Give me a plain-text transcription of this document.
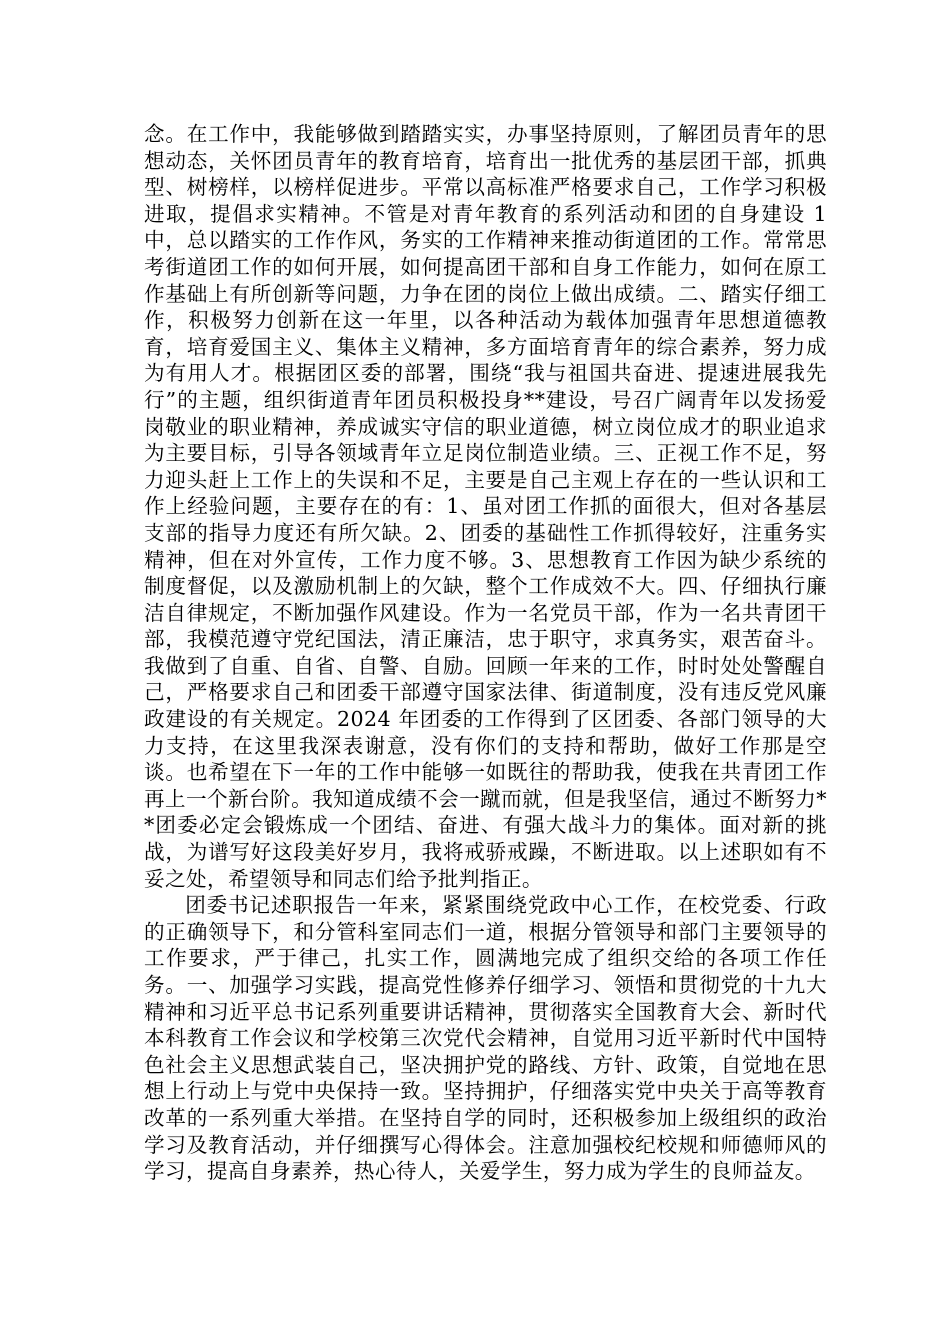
念。在工作中，我能够做到踏踏实实，办事坚持原则，了解团员青年的思想动态，关怀团员青年的教育培育，培育出一批优秀的基层团干部，抓典型、树榜样，以榜样促进步。平常以高标准严格要求自己，工作学习积极进取，提倡求实精神。不管是对青年教育的系列活动和团的自身建设 1 中，总以踏实的工作作风，务实的工作精神来推动街道团的工作。常常思考街道团工作的如何开展，如何提高团干部和自身工作能力，如何在原工作基础上有所创新等问题，力争在团的岗位上做出成绩。二、踏实仔细工作，积极努力创新在这一年里，以各种活动为载体加强青年思想道德教育，培育爱国主义、集体主义精神，多方面培育青年的综合素养，努力成为有用人才。根据团区委的部署，围绕“我与祖国共奋进、提速进展我先行”的主题，组织街道青年团员积极投身**建设，号召广阔青年以发扬爱岗敬业的职业精神，养成诚实守信的职业道德，树立岗位成才的职业追求为主要目标，引导各领域青年立足岗位制造业绩。三、正视工作不足，努力迎头赶上工作上的失误和不足，主要是自己主观上存在的一些认识和工作上经验问题，主要存在的有：1、虽对团工作抓的面很大，但对各基层支部的指导力度还有所欠缺。2、团委的基础性工作抓得较好，注重务实精神，但在对外宣传，工作力度不够。3、思想教育工作因为缺少系统的制度督促，以及激励机制上的欠缺，整个工作成效不大。四、仔细执行廉洁自律规定，不断加强作风建设。作为一名党员干部，作为一名共青团干部，我模范遵守党纪国法，清正廉洁，忠于职守，求真务实，艰苦奋斗。我做到了自重、自省、自警、自励。回顾一年来的工作，时时处处警醒自己，严格要求自己和团委干部遵守国家法律、街道制度，没有违反党风廉政建设的有关规定。2024 年团委的工作得到了区团委、各部门领导的大力支持，在这里我深表谢意，没有你们的支持和帮助，做好工作那是空谈。也希望在下一年的工作中能够一如既往的帮助我，使我在共青团工作再上一个新台阶。我知道成绩不会一蹴而就，但是我坚信，通过不断努力**团委必定会锻炼成一个团结、奋进、有强大战斗力的集体。面对新的挑战，为谱写好这段美好岁月，我将戒骄戒躁，不断进取。以上述职如有不妥之处，希望领导和同志们给予批判指正。

团委书记述职报告一年来，紧紧围绕党政中心工作，在校党委、行政的正确领导下，和分管科室同志们一道，根据分管领导和部门主要领导的工作要求，严于律己，扎实工作，圆满地完成了组织交给的各项工作任务。一、加强学习实践，提高党性修养仔细学习、领悟和贯彻党的十九大精神和习近平总书记系列重要讲话精神，贯彻落实全国教育大会、新时代本科教育工作会议和学校第三次党代会精神，自觉用习近平新时代中国特色社会主义思想武装自己，坚决拥护党的路线、方针、政策，自觉地在思想上行动上与党中央保持一致。坚持拥护，仔细落实党中央关于高等教育改革的一系列重大举措。在坚持自学的同时，还积极参加上级组织的政治学习及教育活动，并仔细撰写心得体会。注意加强校纪校规和师德师风的学习，提高自身素养，热心待人，关爱学生，努力成为学生的良师益友。
